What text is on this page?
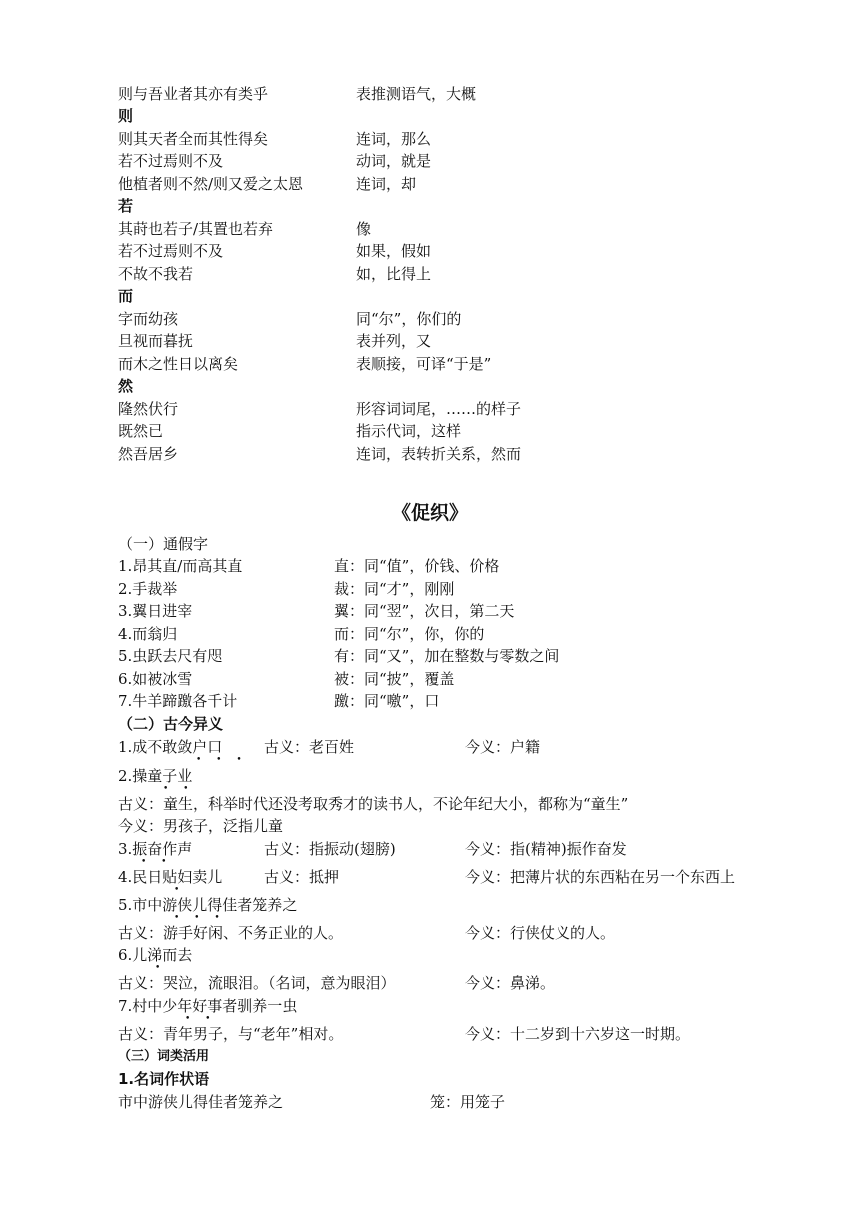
则与吾业者其亦有类乎	表推测语气，大概
则
则其天者全而其性得矣	连词，那么
若不过焉则不及	动词，就是
他植者则不然/则又爱之太恩	连词，却
若
其莳也若子/其置也若弃	像
若不过焉则不及	如果，假如
不故不我若	如，比得上
而
字而幼孩	同“尔”，你们的
旦视而暮抚	表并列，又
而木之性日以离矣	表顺接，可译“于是”
然
隆然伏行	形容词词尾，……的样子
既然已	指示代词，这样
然吾居乡	连词，表转折关系，然而
《促织》
（一）通假字
1.昂其直/而高其直	直：同“值”，价钱、价格
2.手裁举	裁：同“才”，刚刚
3.翼日进宰	翼：同“翌”，次日，第二天
4.而翁归	而：同“尔”，你，你的
5.虫跃去尺有咫	有：同“又”，加在整数与零数之间
6.如被冰雪	被：同“披”，覆盖
7.牛羊蹄躈各千计	躈：同“噭”，口
（二）古今异义
1.成不敢敛户口	古义：老百姓	今义：户籍
• • •
2.操童子业
• •
古义：童生，科举时代还没考取秀才的读书人，不论年纪大小，都称为“童生”
今义：男孩子，泛指儿童
3.振奋作声	古义：指振动(翅膀)	今义：指(精神)振作奋发
• •
4.民日贴妇卖儿	古义：抵押	今义：把薄片状的东西粘在另一个东西上
•
5.市中游侠儿得佳者笼养之
• • •
古义：游手好闲、不务正业的人。	今义：行侠仗义的人。
6.儿涕而去
•
古义：哭泣，流眼泪。（名词，意为眼泪）	今义：鼻涕。
7.村中少年好事者驯养一虫
• •
古义：青年男子，与“老年”相对。	今义：十二岁到十六岁这一时期。
（三）词类活用
1.名词作状语
市中游侠儿得佳者笼养之	笼：用笼子
